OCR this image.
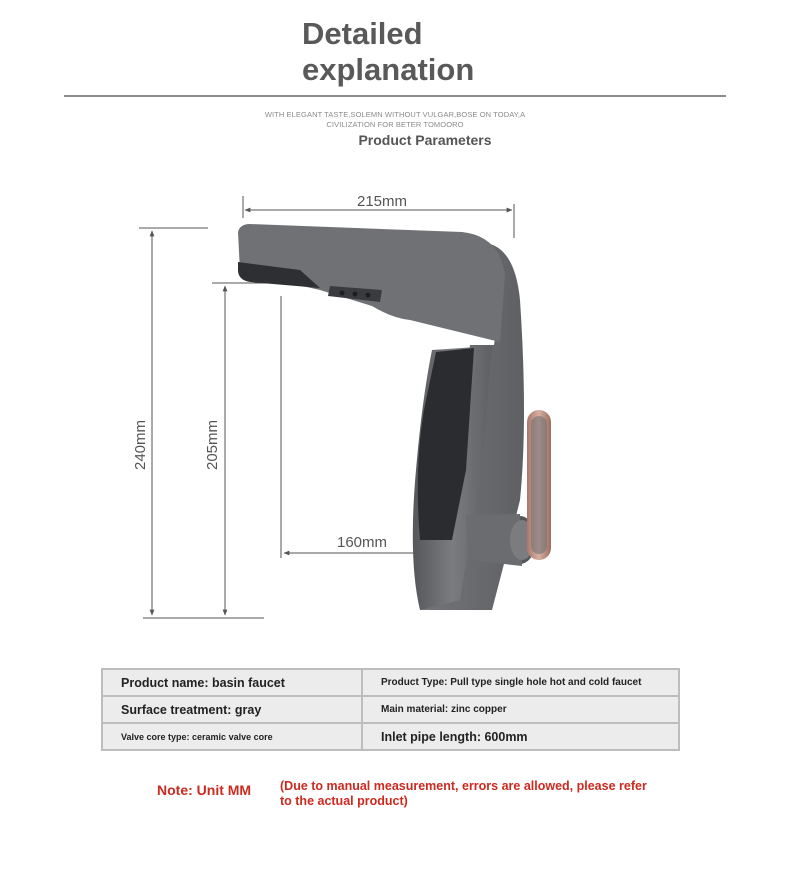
Detailed
explanation
WITH ELEGANT TASTE,SOLEMN WITHOUT VULGAR,BOSE ON TODAY,A
CIVILIZATION FOR BETER TOMOORO
Product Parameters
215mm
240mm	205mm
160mm
Product name: basin faucet	Product Type: Pull type single hole hot and cold faucet
Surface treatment: gray	Main material: zinc copper
Valve core type: ceramic valve core	Inlet pipe length: 600mm
Note: Unit MM (Due to manual measurement, errors are allowed, please refer to the actual product)
